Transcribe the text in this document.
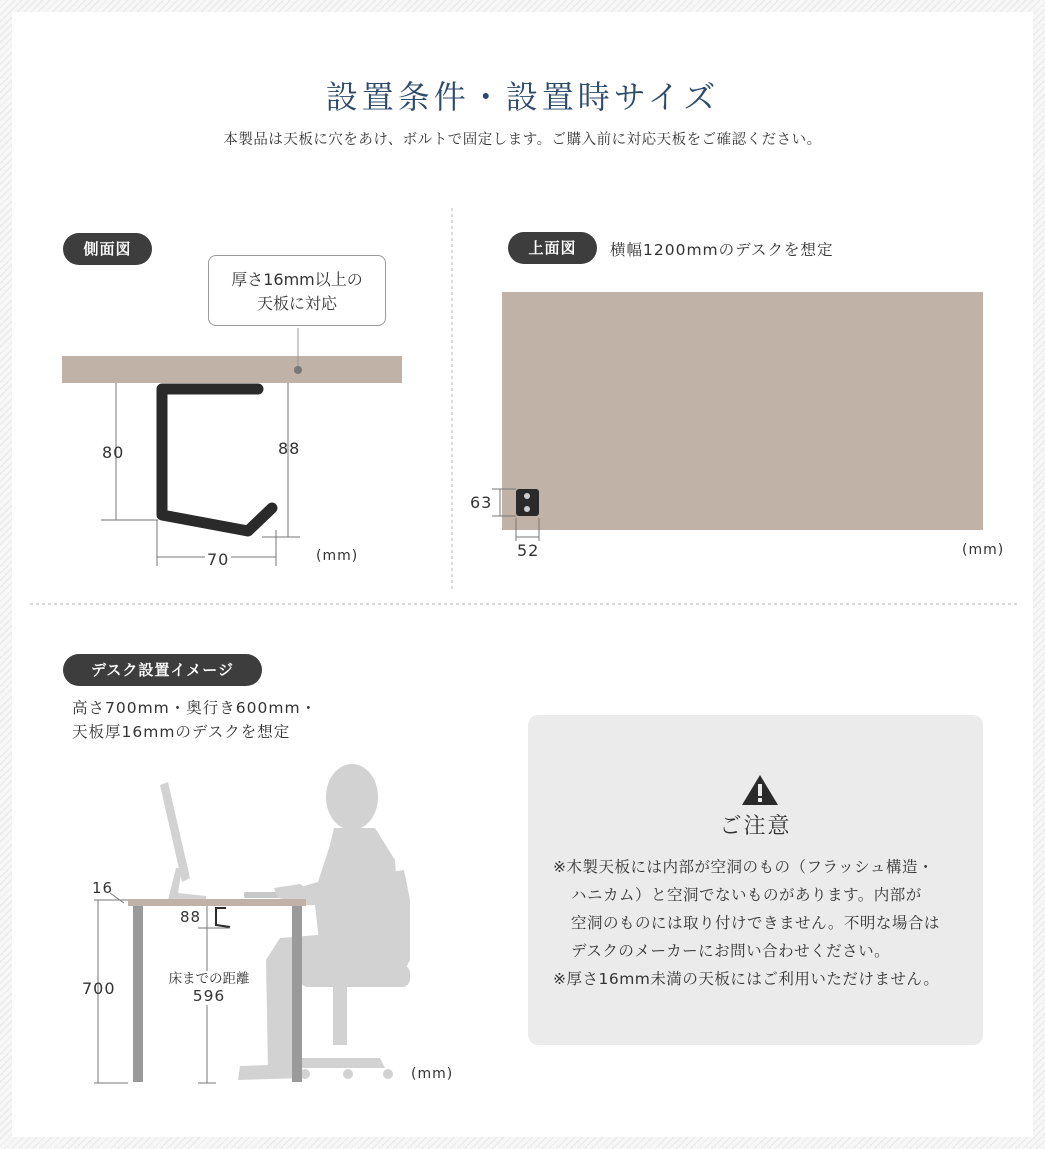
設置条件・設置時サイズ
本製品は天板に穴をあけ、ボルトで固定します。ご購入前に対応天板をご確認ください。
側面図
厚さ16mm以上の
天板に対応
80	88
70	(mm)
上面図	横幅1200mmのデスクを想定
63
52	(mm)
デスク設置イメージ
高さ700mm・奥行き600mm・
天板厚16mmのデスクを想定
16
88
700	床までの距離
596
(mm)
ご注意
※木製天板には内部が空洞のもの（フラッシュ構造・
ハニカム）と空洞でないものがあります。内部が
空洞のものには取り付けできません。不明な場合は
デスクのメーカーにお問い合わせください。
※厚さ16mm未満の天板にはご利用いただけません。
